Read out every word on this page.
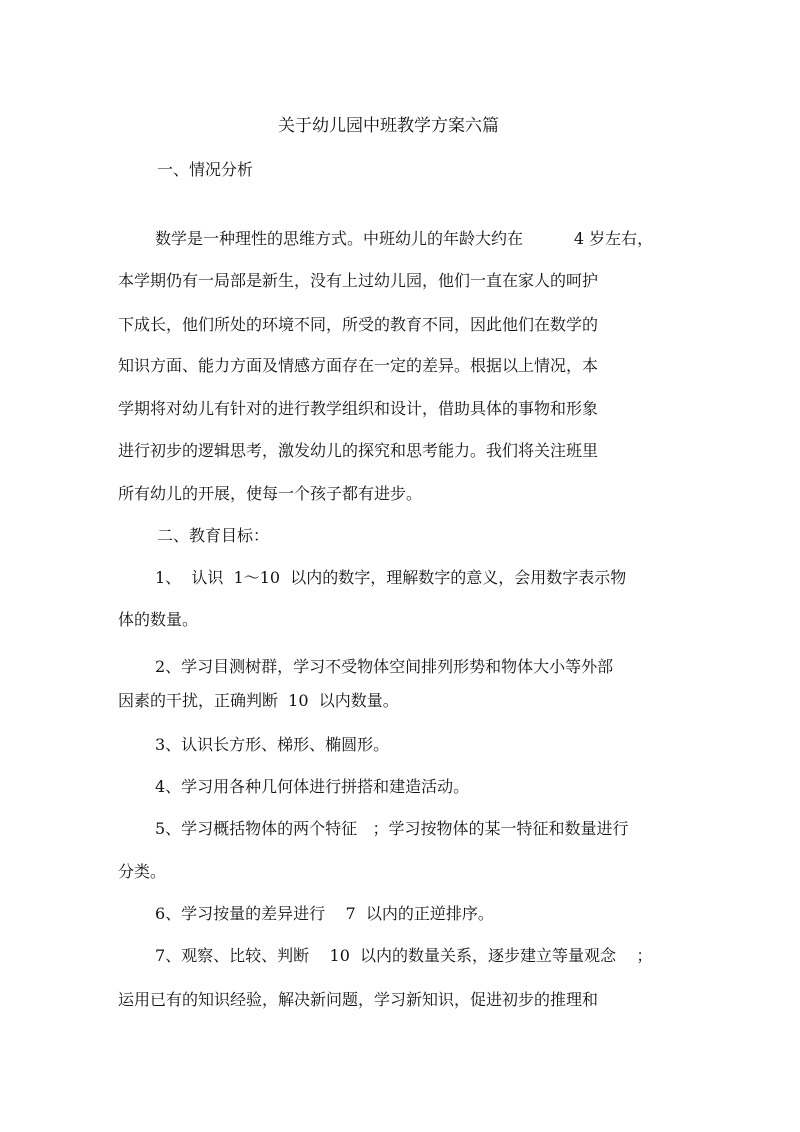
关于幼儿园中班教学方案六篇
一、情况分析
数学是一种理性的思维方式。中班幼儿的年龄大约在          4 岁左右，
本学期仍有一局部是新生，没有上过幼儿园，他们一直在家人的呵护
下成长，他们所处的环境不同，所受的教育不同，因此他们在数学的
知识方面、能力方面及情感方面存在一定的差异。根据以上情况，本
学期将对幼儿有针对的进行教学组织和设计，借助具体的事物和形象
进行初步的逻辑思考，激发幼儿的探究和思考能力。我们将关注班里
所有幼儿的开展，使每一个孩子都有进步。
二、教育目标：
1、  认识  1～10  以内的数字，理解数字的意义，会用数字表示物
体的数量。
2、学习目测树群，学习不受物体空间排列形势和物体大小等外部
因素的干扰，正确判断  10  以内数量。
3、认识长方形、梯形、椭圆形。
4、学习用各种几何体进行拼搭和建造活动。
5、学习概括物体的两个特征   ；学习按物体的某一特征和数量进行
分类。
6、学习按量的差异进行    7  以内的正逆排序。
7、观察、比较、判断    10  以内的数量关系，逐步建立等量观念    ；
运用已有的知识经验，解决新问题，学习新知识，促进初步的推理和
